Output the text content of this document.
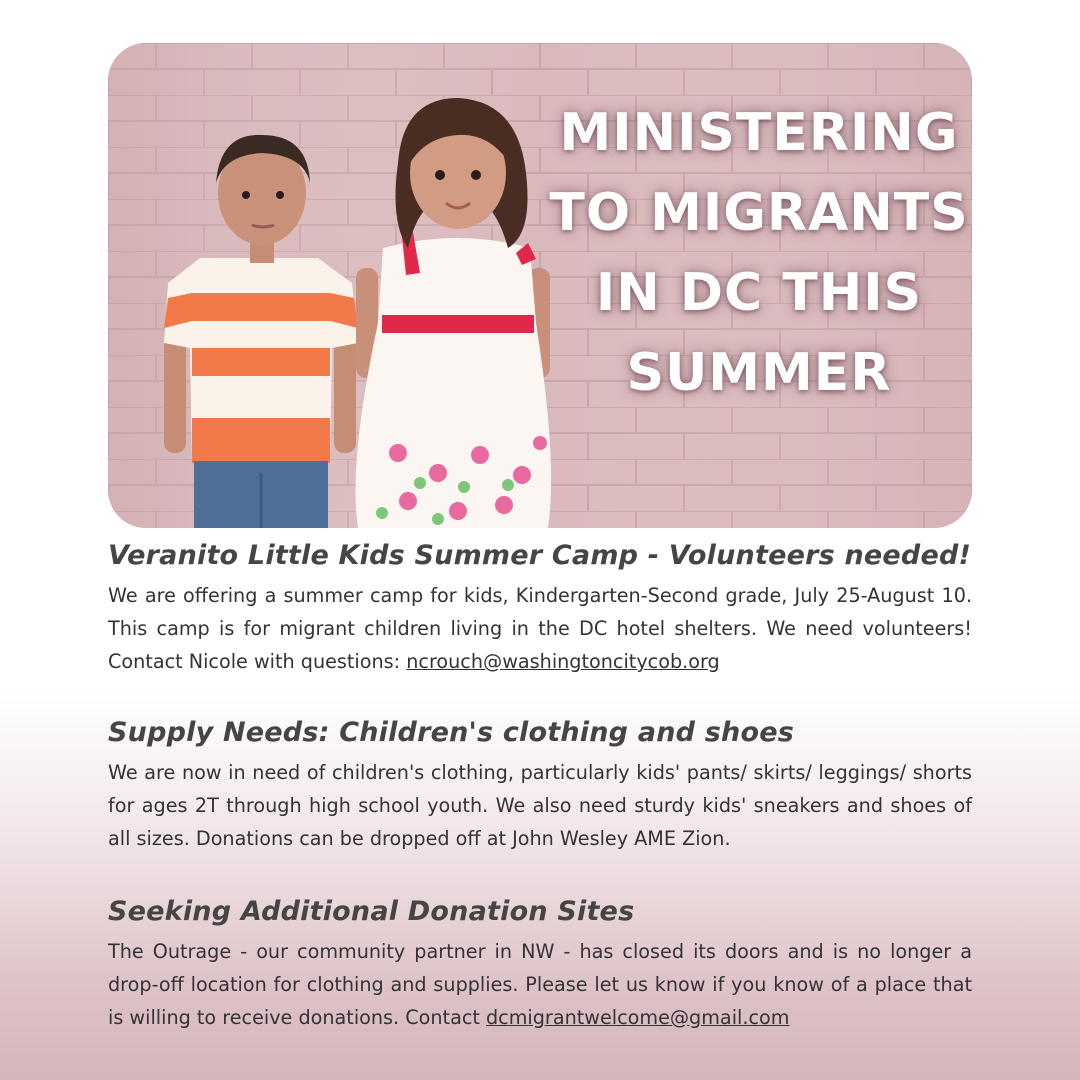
MINISTERING TO MIGRANTS IN DC THIS SUMMER
Veranito Little Kids Summer Camp - Volunteers needed!

We are offering a summer camp for kids, Kindergarten-Second grade, July 25-August 10. This camp is for migrant children living in the DC hotel shelters. We need volunteers! Contact Nicole with questions: ncrouch@washingtoncitycob.org

Supply Needs: Children's clothing and shoes

We are now in need of children's clothing, particularly kids' pants/ skirts/ leggings/ shorts for ages 2T through high school youth. We also need sturdy kids' sneakers and shoes of all sizes. Donations can be dropped off at John Wesley AME Zion.

Seeking Additional Donation Sites

The Outrage - our community partner in NW - has closed its doors and is no longer a drop-off location for clothing and supplies. Please let us know if you know of a place that is willing to receive donations. Contact dcmigrantwelcome@gmail.com
